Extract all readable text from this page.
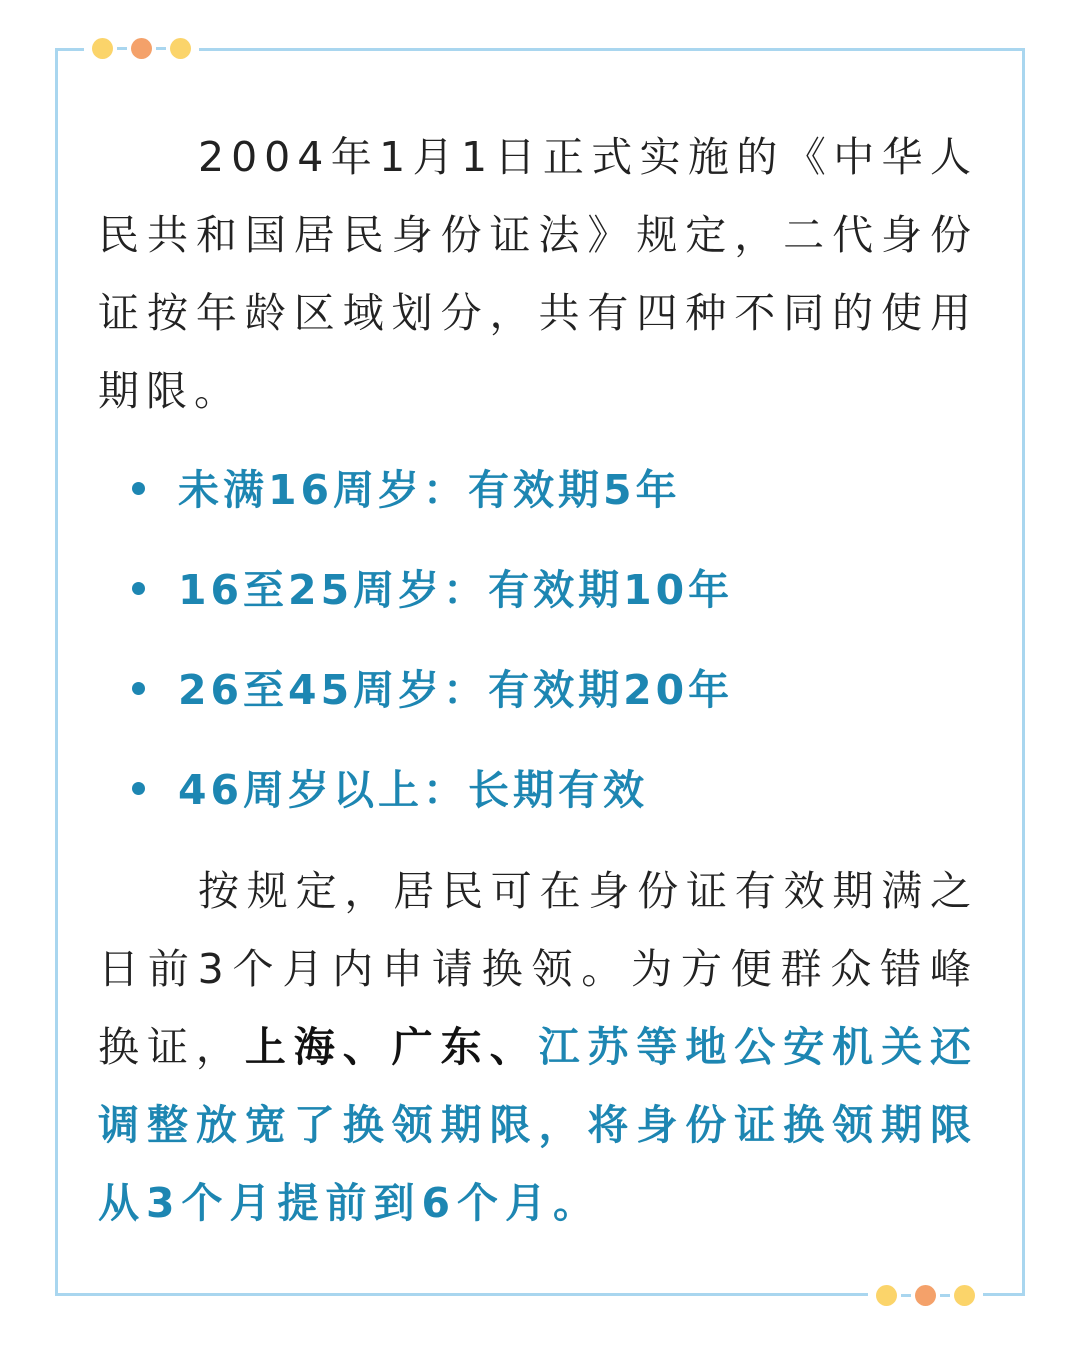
2004年1月1日正式实施的《中华人民共和国居民身份证法》规定，二代身份证按年龄区域划分，共有四种不同的使用期限。

未满16周岁：有效期5年
16至25周岁：有效期10年
26至45周岁：有效期20年
46周岁以上：长期有效

按规定，居民可在身份证有效期满之日前3个月内申请换领。为方便群众错峰换证，上海、广东、江苏等地公安机关还调整放宽了换领期限，将身份证换领期限从3个月提前到6个月。
